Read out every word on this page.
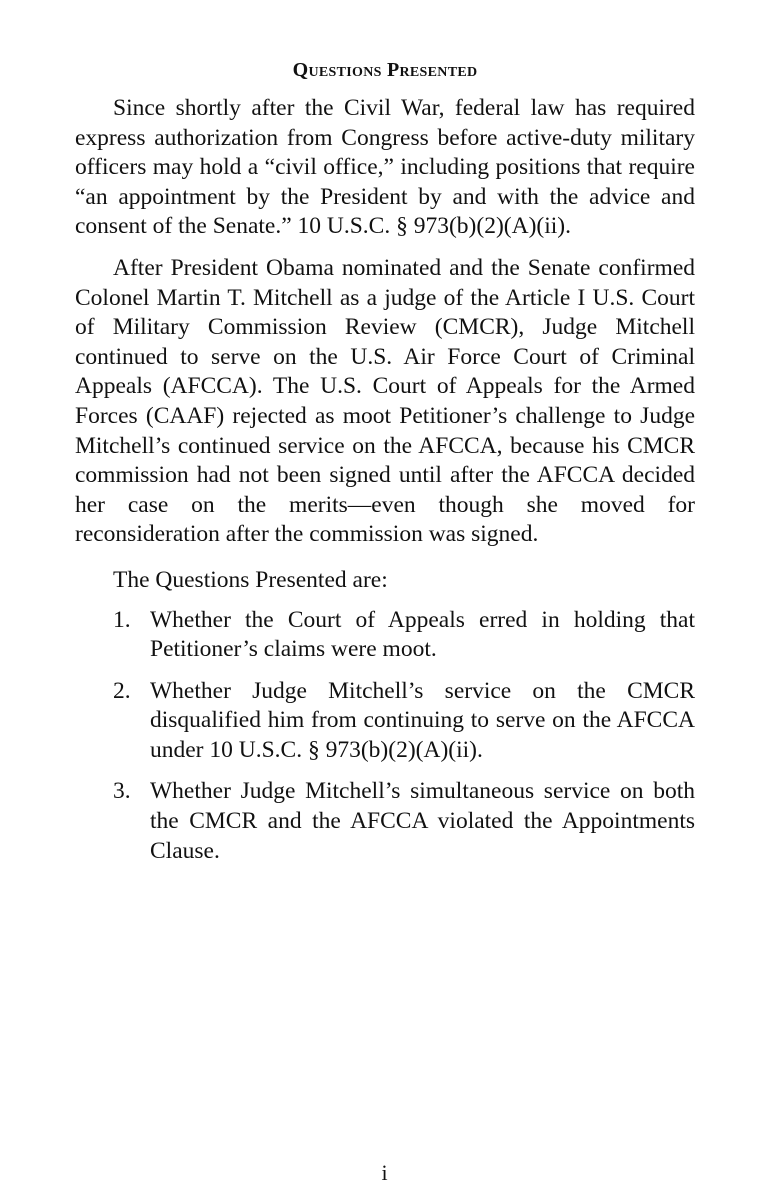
Questions Presented

Since shortly after the Civil War, federal law has required express authorization from Congress before active-duty military officers may hold a “civil office,” including positions that require “an appointment by the President by and with the advice and consent of the Senate.” 10 U.S.C. § 973(b)(2)(A)(ii).

After President Obama nominated and the Senate confirmed Colonel Martin T. Mitchell as a judge of the Article I U.S. Court of Military Commission Review (CMCR), Judge Mitchell continued to serve on the U.S. Air Force Court of Criminal Appeals (AFCCA). The U.S. Court of Appeals for the Armed Forces (CAAF) rejected as moot Petitioner’s challenge to Judge Mitchell’s continued service on the AFCCA, because his CMCR commission had not been signed until after the AFCCA decided her case on the merits—even though she moved for reconsideration after the commission was signed.

The Questions Presented are:

1. Whether the Court of Appeals erred in holding that Petitioner’s claims were moot.
2. Whether Judge Mitchell’s service on the CMCR disqualified him from continuing to serve on the AFCCA under 10 U.S.C. § 973(b)(2)(A)(ii).
3. Whether Judge Mitchell’s simultaneous service on both the CMCR and the AFCCA violated the Appointments Clause.
i
